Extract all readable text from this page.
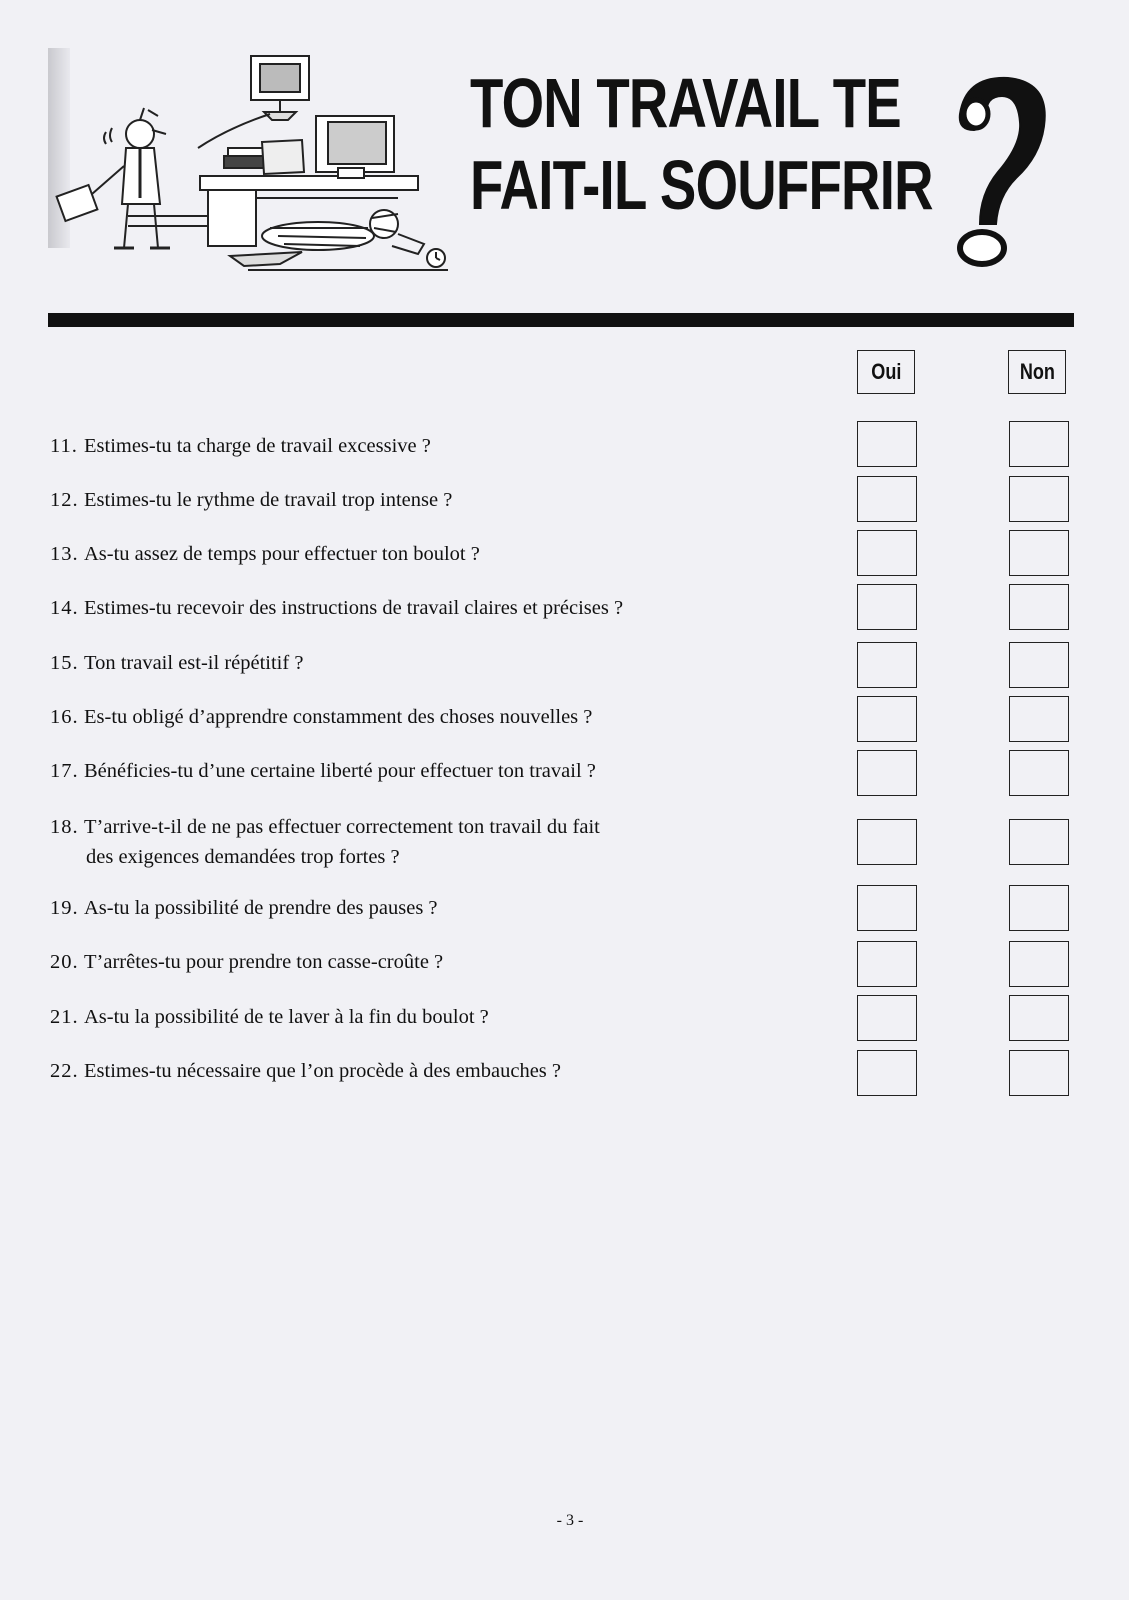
TON TRAVAIL TE
FAIT-IL SOUFFRIR
Oui	Non
11. Estimes-tu ta charge de travail excessive ?
12. Estimes-tu le rythme de travail trop intense ?
13. As-tu assez de temps pour effectuer ton boulot ?
14. Estimes-tu recevoir des instructions de travail claires et précises ?
15. Ton travail est-il répétitif ?
16. Es-tu obligé d’apprendre constamment des choses nouvelles ?
17. Bénéficies-tu d’une certaine liberté pour effectuer ton travail ?
18. T’arrive-t-il de ne pas effectuer correctement ton travail du fait
des exigences demandées trop fortes ?
19. As-tu la possibilité de prendre des pauses ?
20. T’arrêtes-tu pour prendre ton casse-croûte ?
21. As-tu la possibilité de te laver à la fin du boulot ?
22. Estimes-tu nécessaire que l’on procède à des embauches ?
- 3 -
